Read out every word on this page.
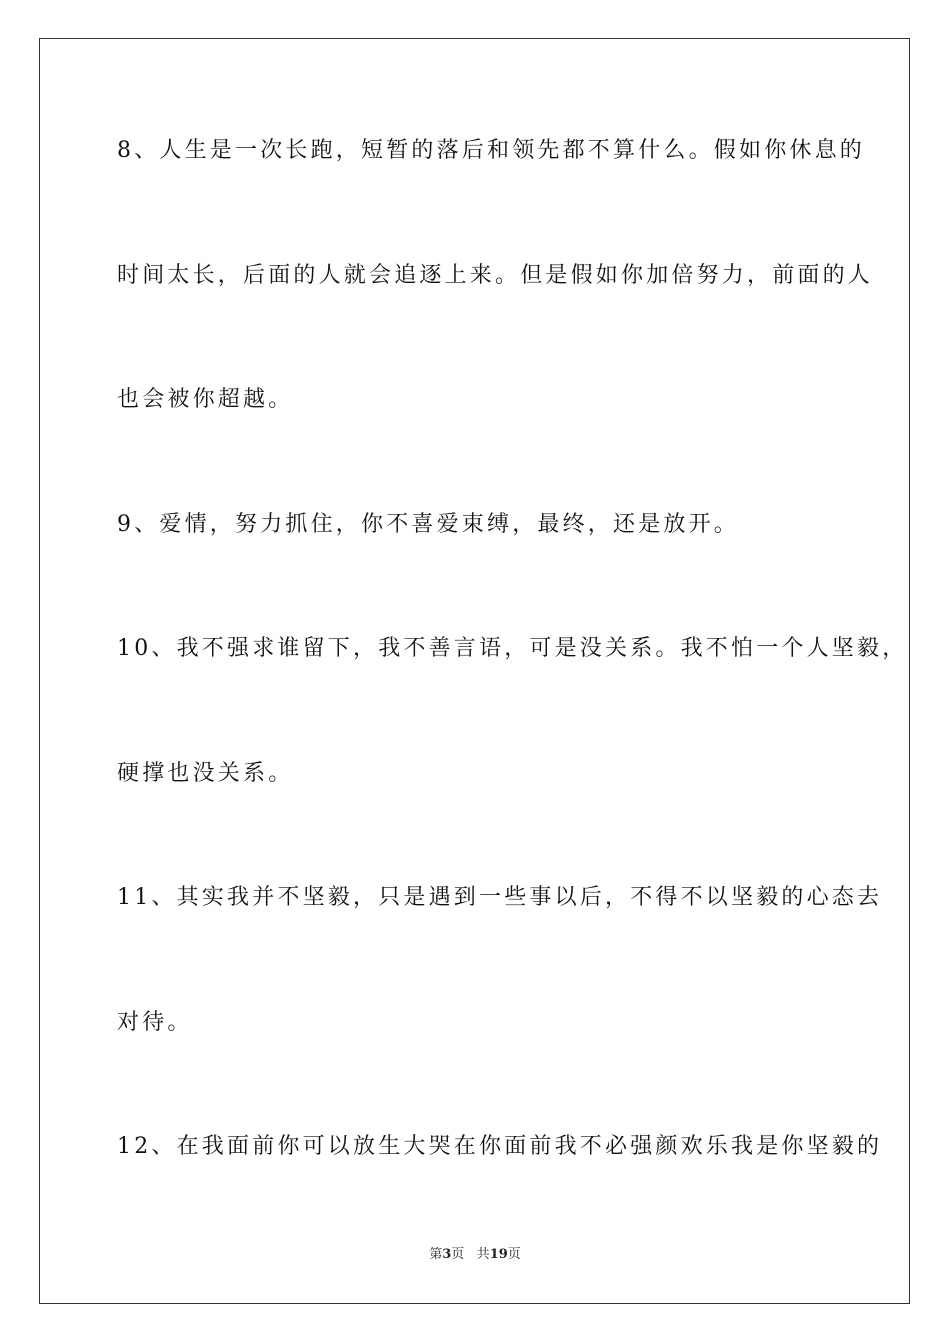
8、人生是一次长跑，短暂的落后和领先都不算什么。假如你休息的
时间太长，后面的人就会追逐上来。但是假如你加倍努力，前面的人
也会被你超越。
9、爱情，努力抓住，你不喜爱束缚，最终，还是放开。
10、我不强求谁留下，我不善言语，可是没关系。我不怕一个人坚毅，
硬撑也没关系。
11、其实我并不坚毅，只是遇到一些事以后，不得不以坚毅的心态去
对待。
12、在我面前你可以放生大哭在你面前我不必强颜欢乐我是你坚毅的
第3页 共19页
